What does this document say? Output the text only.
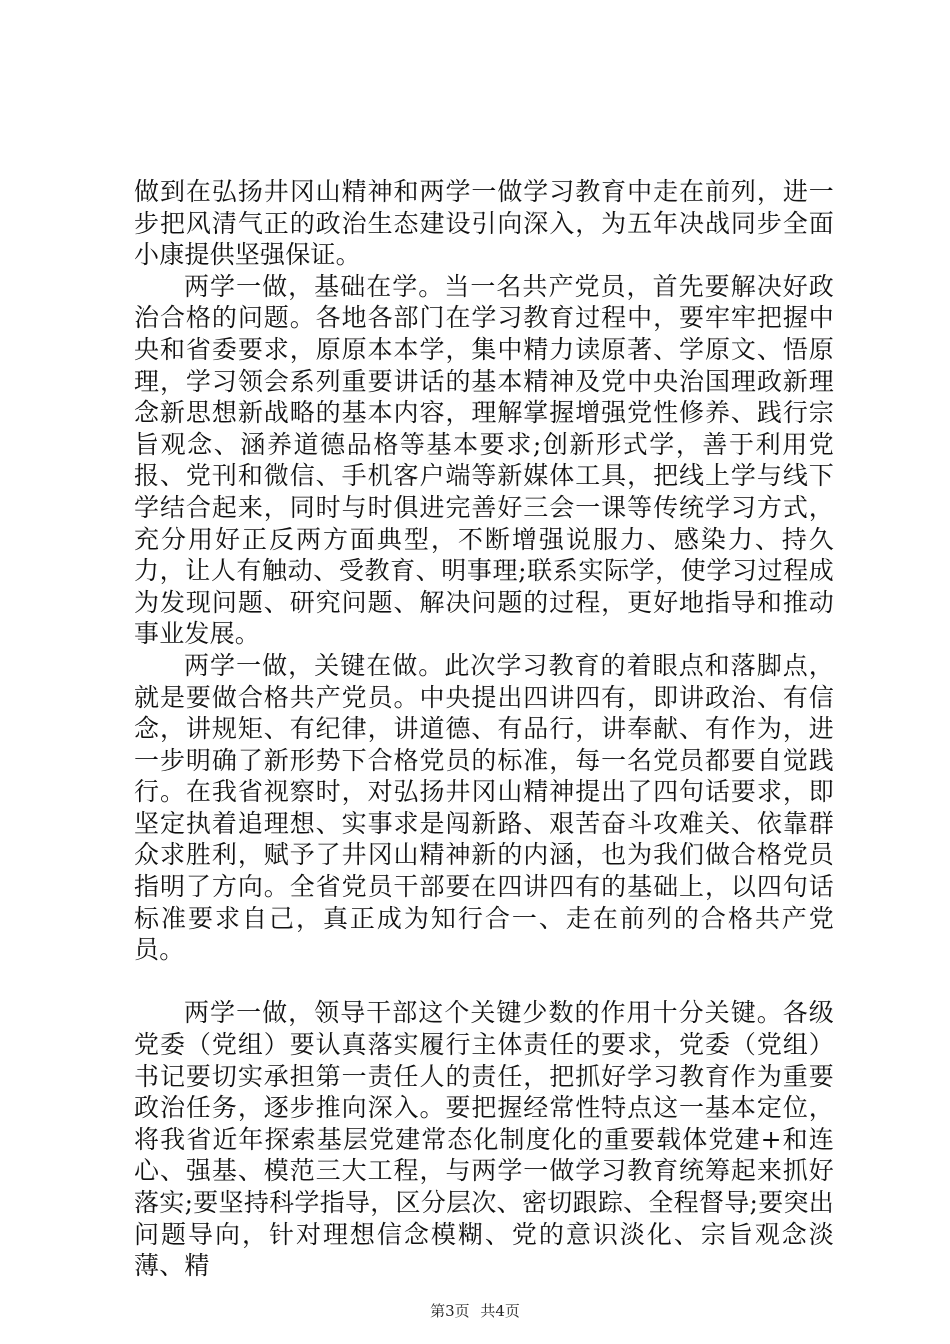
做到在弘扬井冈山精神和两学一做学习教育中走在前列，进一步把风清气正的政治生态建设引向深入，为五年决战同步全面小康提供坚强保证。

两学一做，基础在学。当一名共产党员，首先要解决好政治合格的问题。各地各部门在学习教育过程中，要牢牢把握中央和省委要求，原原本本学，集中精力读原著、学原文、悟原理，学习领会系列重要讲话的基本精神及党中央治国理政新理念新思想新战略的基本内容，理解掌握增强党性修养、践行宗旨观念、涵养道德品格等基本要求;创新形式学，善于利用党报、党刊和微信、手机客户端等新媒体工具，把线上学与线下学结合起来，同时与时俱进完善好三会一课等传统学习方式，充分用好正反两方面典型，不断增强说服力、感染力、持久力，让人有触动、受教育、明事理;联系实际学，使学习过程成为发现问题、研究问题、解决问题的过程，更好地指导和推动事业发展。

两学一做，关键在做。此次学习教育的着眼点和落脚点，就是要做合格共产党员。中央提出四讲四有，即讲政治、有信念，讲规矩、有纪律，讲道德、有品行，讲奉献、有作为，进一步明确了新形势下合格党员的标准，每一名党员都要自觉践行。在我省视察时，对弘扬井冈山精神提出了四句话要求，即坚定执着追理想、实事求是闯新路、艰苦奋斗攻难关、依靠群众求胜利，赋予了井冈山精神新的内涵，也为我们做合格党员指明了方向。全省党员干部要在四讲四有的基础上，以四句话标准要求自己，真正成为知行合一、走在前列的合格共产党员。

两学一做，领导干部这个关键少数的作用十分关键。各级党委（党组）要认真落实履行主体责任的要求，党委（党组）书记要切实承担第一责任人的责任，把抓好学习教育作为重要政治任务，逐步推向深入。要把握经常性特点这一基本定位，将我省近年探索基层党建常态化制度化的重要载体党建+和连心、强基、模范三大工程，与两学一做学习教育统筹起来抓好落实;要坚持科学指导，区分层次、密切跟踪、全程督导;要突出问题导向，针对理想信念模糊、党的意识淡化、宗旨观念淡薄、精

第3页 共4页
